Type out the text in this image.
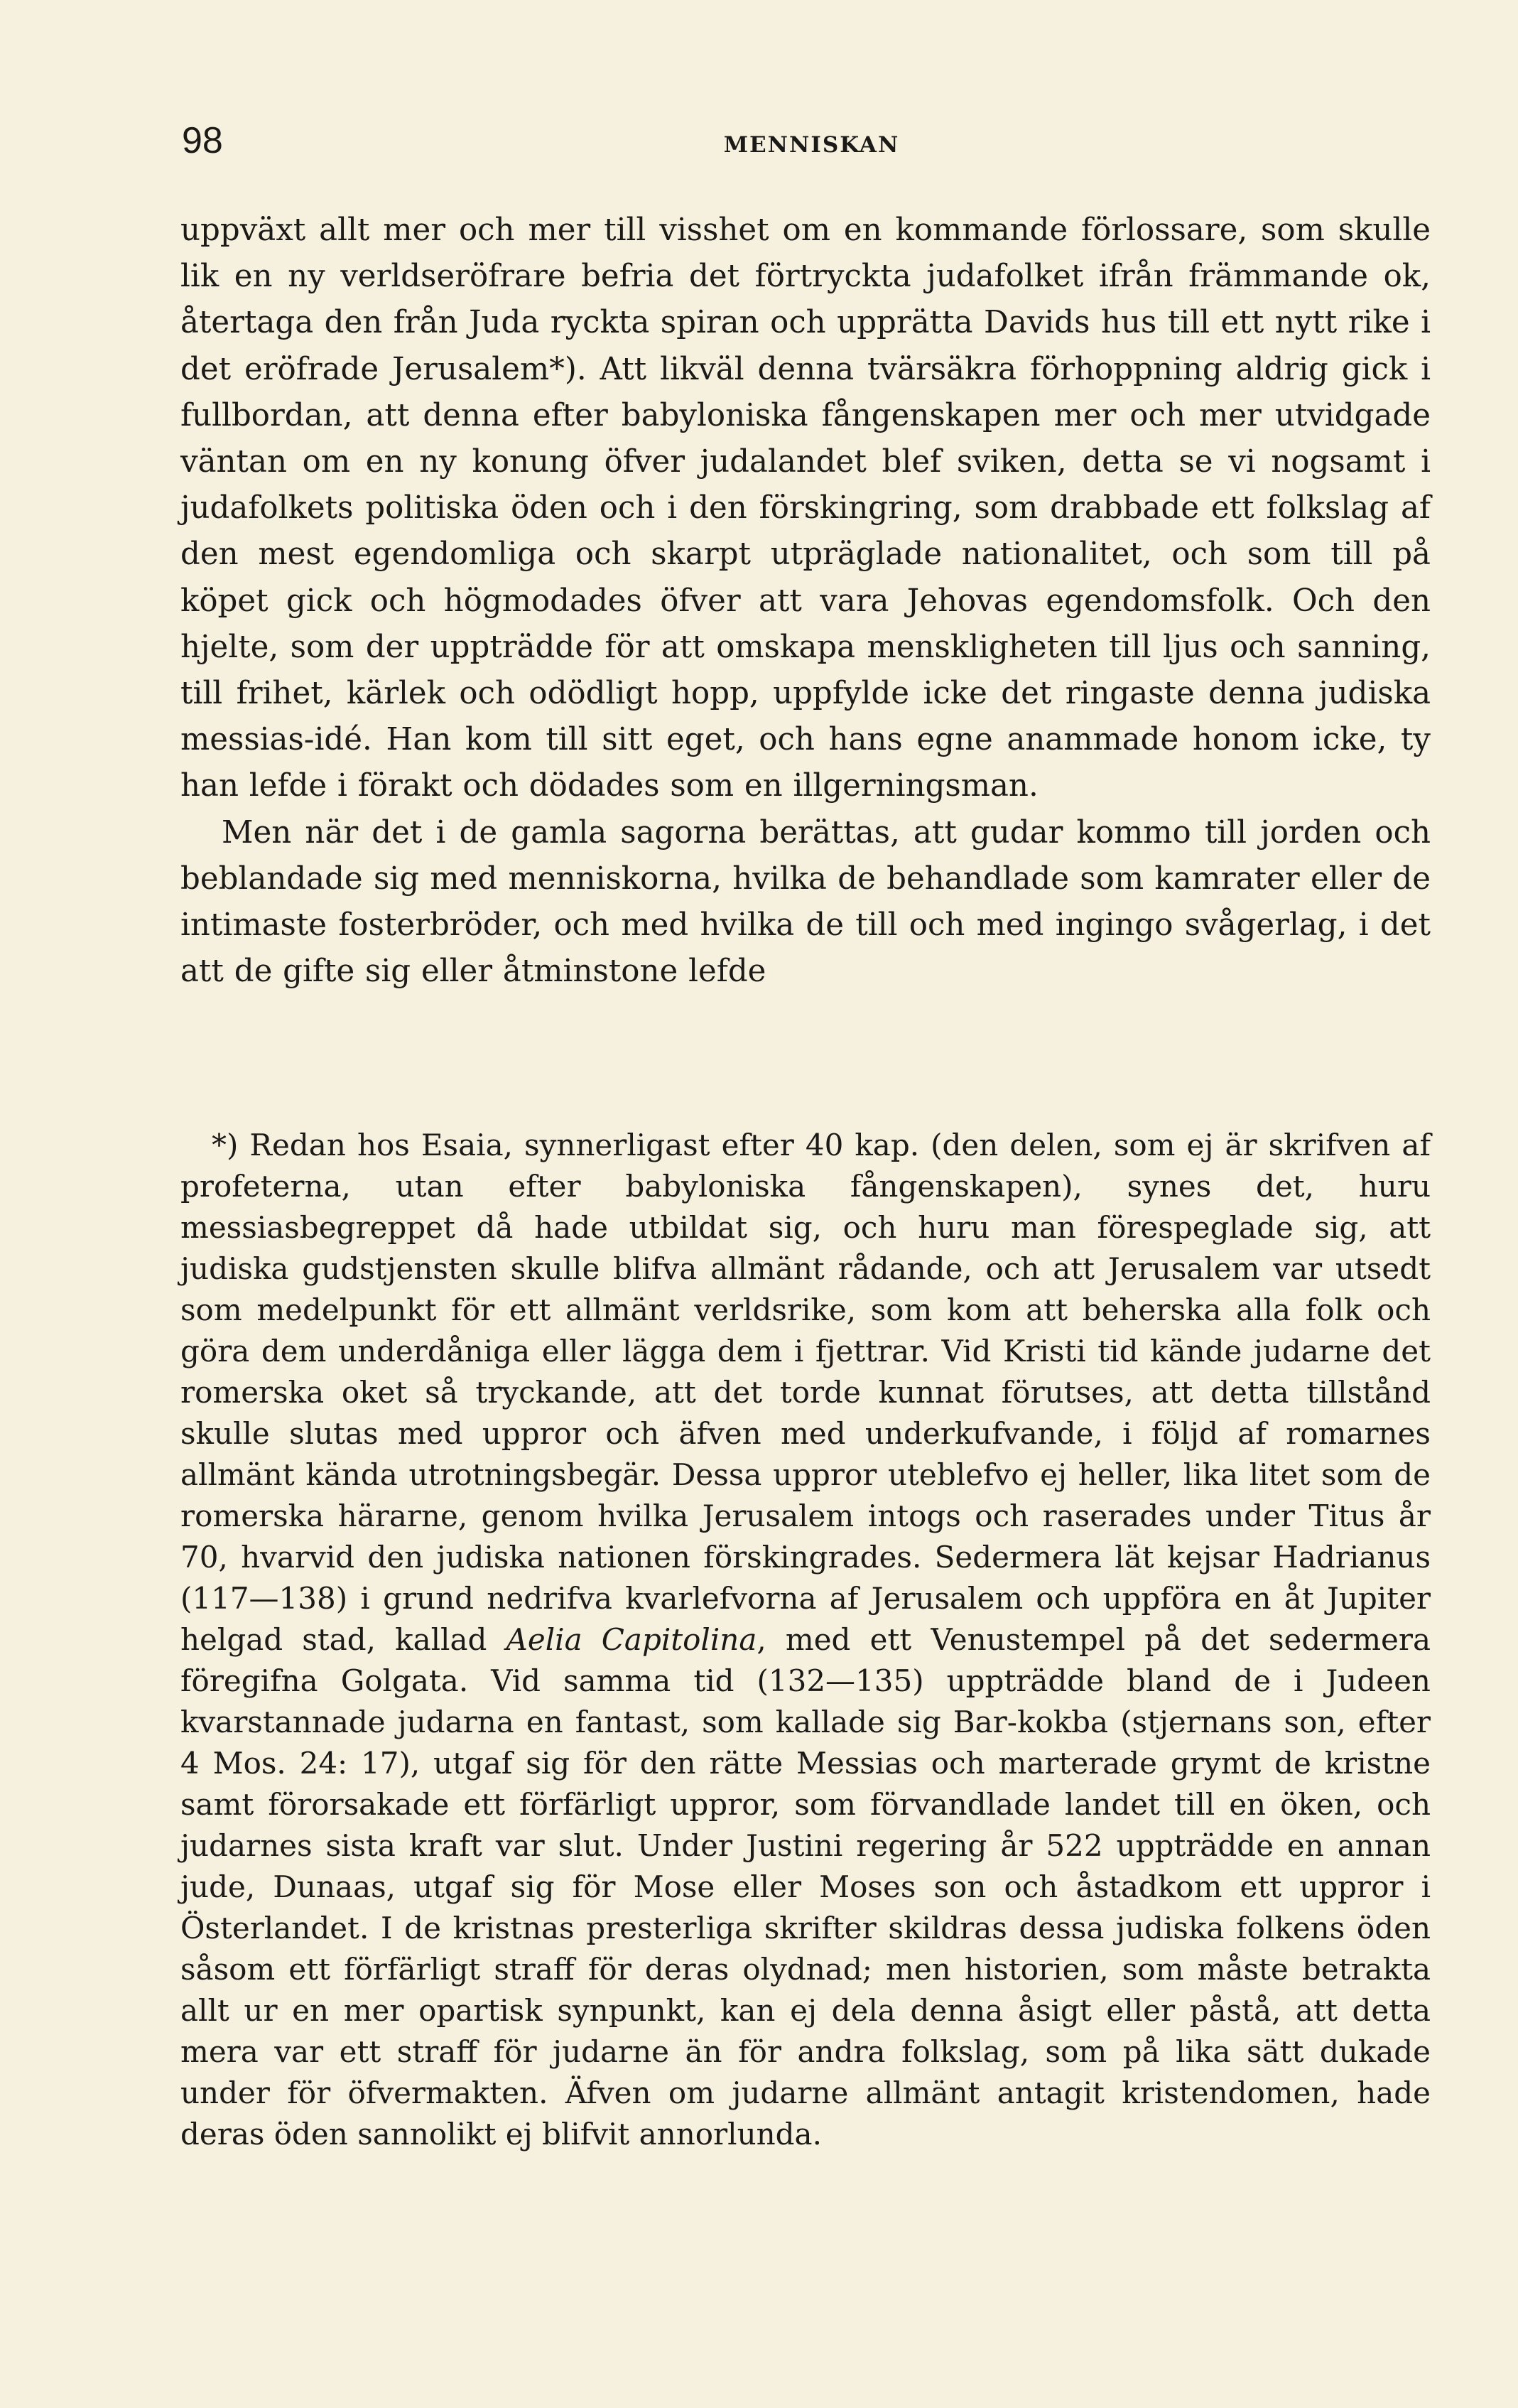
98	MENNISKAN

uppväxt allt mer och mer till visshet om en kommande förlossare, som skulle lik en ny verldseröfrare befria det förtryckta judafolket ifrån främmande ok, återtaga den från Juda ryckta spiran och upprätta Davids hus till ett nytt rike i det eröfrade Jerusalem*). Att likväl denna tvärsäkra förhoppning aldrig gick i fullbordan, att denna efter babyloniska fångenskapen mer och mer utvidgade väntan om en ny konung öfver judalandet blef sviken, detta se vi nogsamt i judafolkets politiska öden och i den förskingring, som drabbade ett folkslag af den mest egendomliga och skarpt utpräglade nationalitet, och som till på köpet gick och högmodades öfver att vara Jehovas egendomsfolk. Och den hjelte, som der uppträdde för att omskapa menskligheten till ljus och sanning, till frihet, kärlek och odödligt hopp, uppfylde icke det ringaste denna judiska messias-idé. Han kom till sitt eget, och hans egne anammade honom icke, ty han lefde i förakt och dödades som en illgerningsman.

Men när det i de gamla sagorna berättas, att gudar kommo till jorden och beblandade sig med menniskorna, hvilka de behandlade som kamrater eller de intimaste fosterbröder, och med hvilka de till och med ingingo svågerlag, i det att de gifte sig eller åtminstone lefde

*) Redan hos Esaia, synnerligast efter 40 kap. (den delen, som ej är skrifven af profeterna, utan efter babyloniska fångenskapen), synes det, huru messiasbegreppet då hade utbildat sig, och huru man förespeglade sig, att judiska gudstjensten skulle blifva allmänt rådande, och att Jerusalem var utsedt som medelpunkt för ett allmänt verldsrike, som kom att beherska alla folk och göra dem underdåniga eller lägga dem i fjettrar. Vid Kristi tid kände judarne det romerska oket så tryckande, att det torde kunnat förutses, att detta tillstånd skulle slutas med uppror och äfven med underkufvande, i följd af romarnes allmänt kända utrotningsbegär. Dessa uppror uteblefvo ej heller, lika litet som de romerska härarne, genom hvilka Jerusalem intogs och raserades under Titus år 70, hvarvid den judiska nationen förskingrades. Sedermera lät kejsar Hadrianus (117—138) i grund nedrifva kvarlefvorna af Jerusalem och uppföra en åt Jupiter helgad stad, kallad Aelia Capitolina, med ett Venustempel på det sedermera föregifna Golgata. Vid samma tid (132—135) uppträdde bland de i Judeen kvarstannade judarna en fantast, som kallade sig Bar-kokba (stjernans son, efter 4 Mos. 24: 17), utgaf sig för den rätte Messias och marterade grymt de kristne samt förorsakade ett förfärligt uppror, som förvandlade landet till en öken, och judarnes sista kraft var slut. Under Justini regering år 522 uppträdde en annan jude, Dunaas, utgaf sig för Mose eller Moses son och åstadkom ett uppror i Österlandet. I de kristnas presterliga skrifter skildras dessa judiska folkens öden såsom ett förfärligt straff för deras olydnad; men historien, som måste betrakta allt ur en mer opartisk synpunkt, kan ej dela denna åsigt eller påstå, att detta mera var ett straff för judarne än för andra folkslag, som på lika sätt dukade under för öfvermakten. Äfven om judarne allmänt antagit kristendomen, hade deras öden sannolikt ej blifvit annorlunda.
